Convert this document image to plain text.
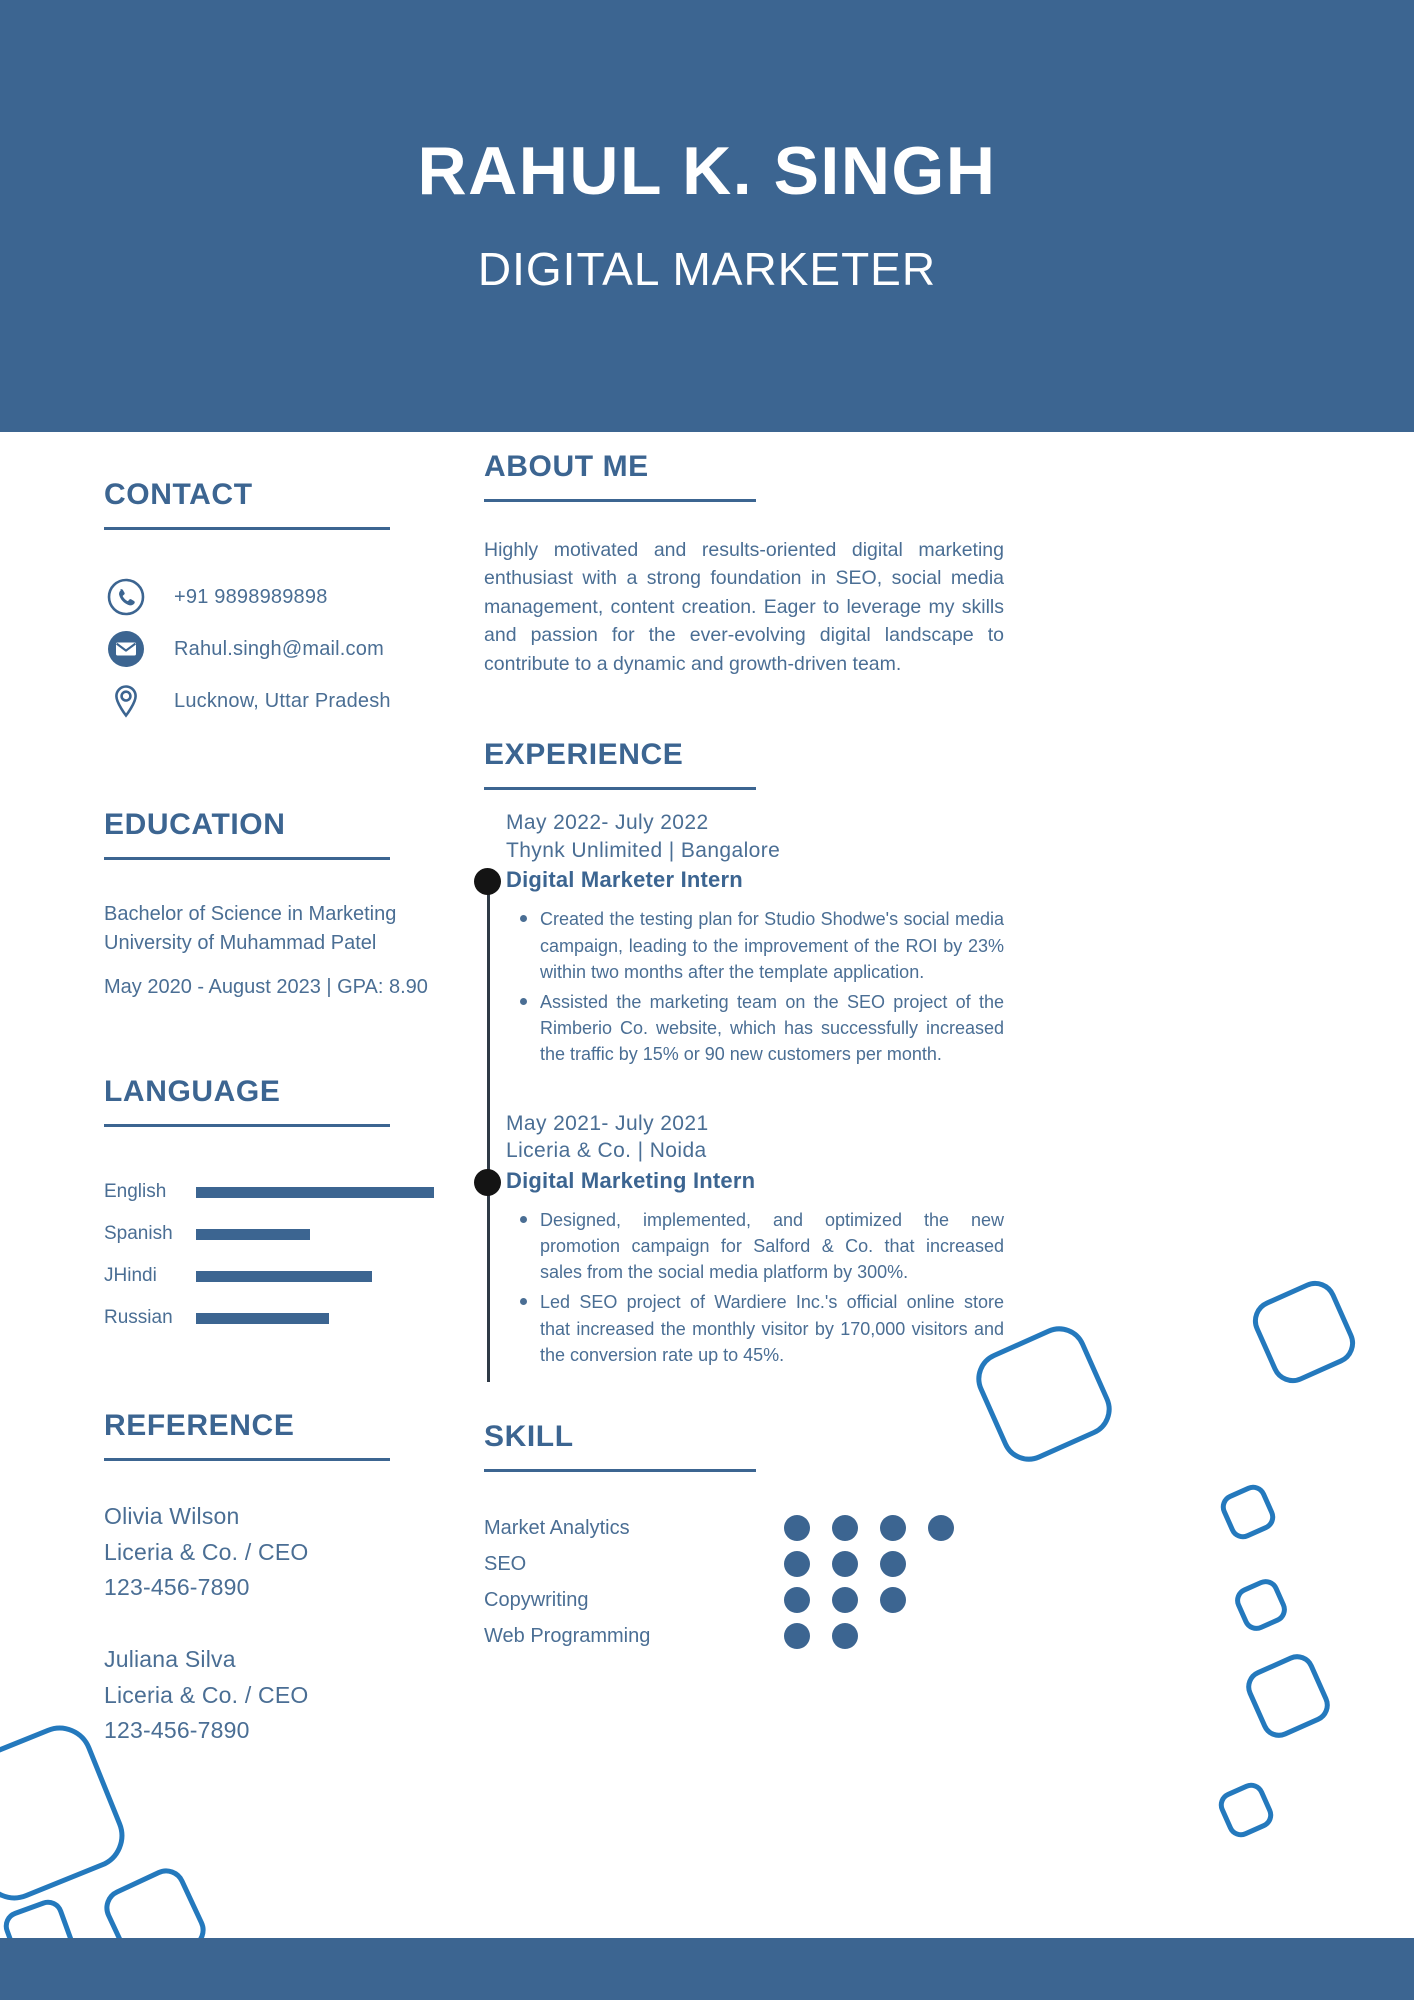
RAHUL K. SINGH
DIGITAL MARKETER
CONTACT
+91 9898989898
Rahul.singh@mail.com
Lucknow, Uttar Pradesh
EDUCATION
Bachelor of Science in Marketing
University of Muhammad Patel
May 2020 - August 2023 | GPA: 8.90
LANGUAGE
English
Spanish
JHindi
Russian
REFERENCE
Olivia Wilson
Liceria & Co. / CEO
123-456-7890
Juliana Silva
Liceria & Co. / CEO
123-456-7890
ABOUT ME
Highly motivated and results-oriented digital marketing enthusiast with a strong foundation in SEO, social media management, content creation. Eager to leverage my skills and passion for the ever-evolving digital landscape to contribute to a dynamic and growth-driven team.
EXPERIENCE
May 2022- July 2022
Thynk Unlimited | Bangalore
Digital Marketer Intern
Created the testing plan for Studio Shodwe's social media campaign, leading to the improvement of the ROI by 23% within two months after the template application.
Assisted the marketing team on the SEO project of the Rimberio Co. website, which has successfully increased the traffic by 15% or 90 new customers per month.
May 2021- July 2021
Liceria & Co. | Noida
Digital Marketing Intern
Designed, implemented, and optimized the new promotion campaign for Salford & Co. that increased sales from the social media platform by 300%.
Led SEO project of Wardiere Inc.'s official online store that increased the monthly visitor by 170,000 visitors and the conversion rate up to 45%.
SKILL
Market Analytics
SEO
Copywriting
Web Programming
